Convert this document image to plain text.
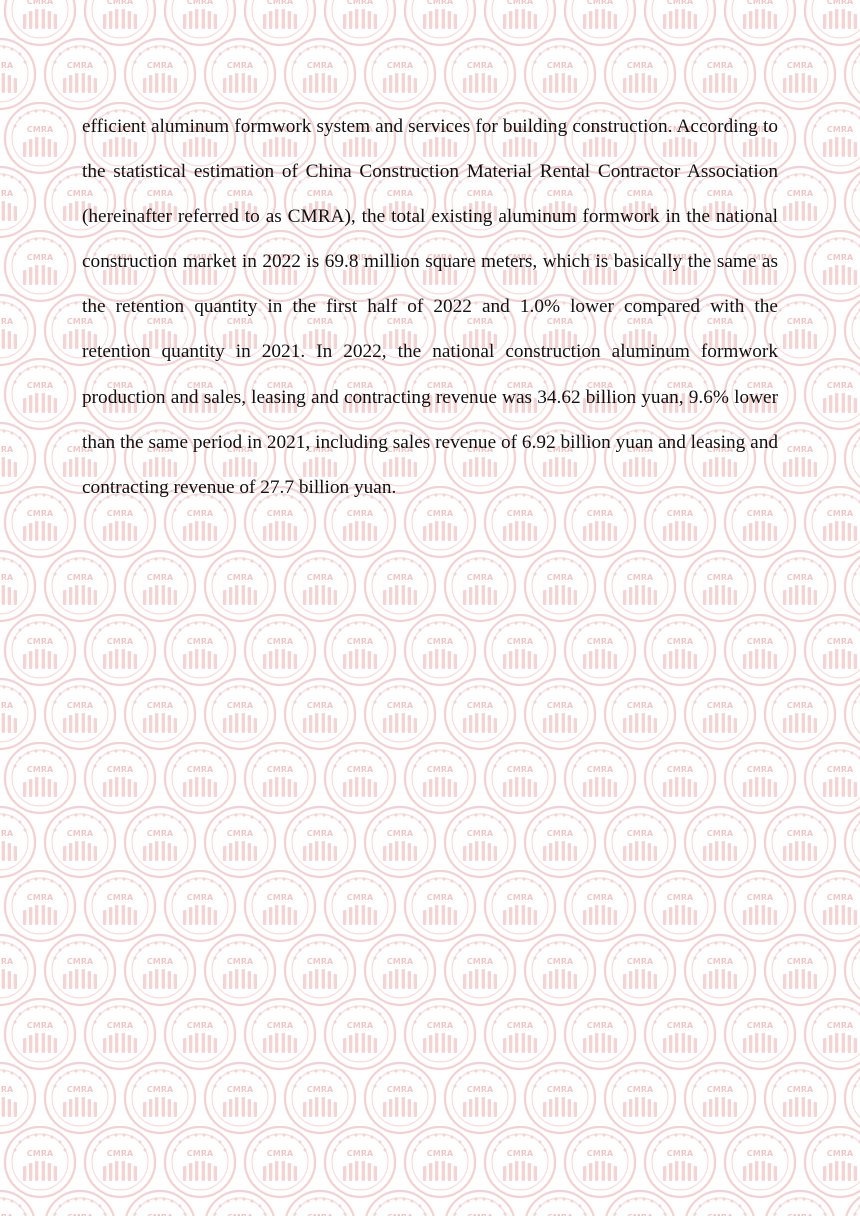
efficient aluminum formwork system and services for building construction. According to the statistical estimation of China Construction Material Rental Contractor Association (hereinafter referred to as CMRA), the total existing aluminum formwork in the national construction market in 2022 is 69.8 million square meters, which is basically the same as the retention quantity in the first half of 2022 and 1.0% lower compared with the retention quantity in 2021. In 2022, the national construction aluminum formwork production and sales, leasing and contracting revenue was 34.62 billion yuan, 9.6% lower than the same period in 2021, including sales revenue of 6.92 billion yuan and leasing and contracting revenue of 27.7 billion yuan.
